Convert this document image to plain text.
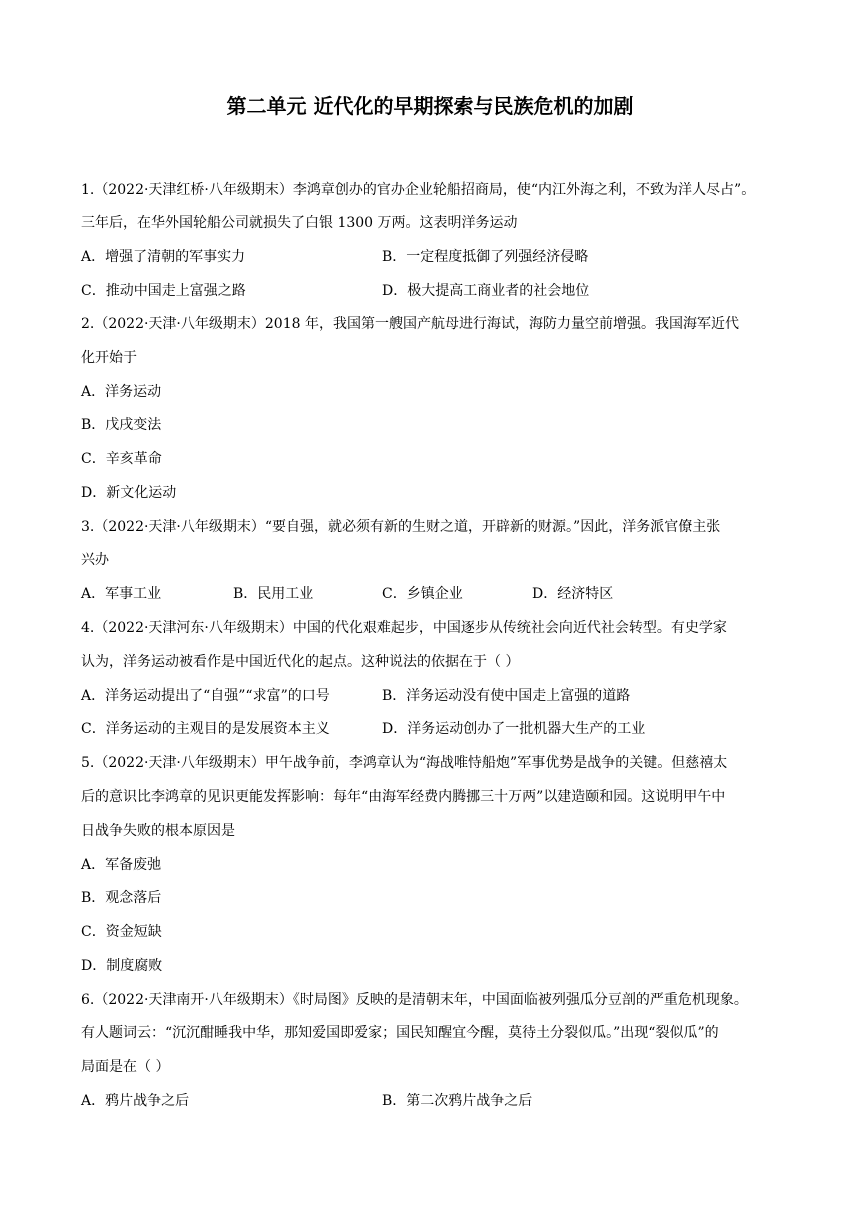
第二单元 近代化的早期探索与民族危机的加剧
1.（2022·天津红桥·八年级期末）李鸿章创办的官办企业轮船招商局，使“内江外海之利，不致为洋人尽占”。
三年后，在华外国轮船公司就损失了白银 1300 万两。这表明洋务运动
A．增强了清朝的军事实力	B．一定程度抵御了列强经济侵略
C．推动中国走上富强之路	D．极大提高工商业者的社会地位
2.（2022·天津·八年级期末）2018 年，我国第一艘国产航母进行海试，海防力量空前增强。我国海军近代
化开始于
A．洋务运动
B．戊戌变法
C．辛亥革命
D．新文化运动
3.（2022·天津·八年级期末）“要自强，就必须有新的生财之道，开辟新的财源。”因此，洋务派官僚主张
兴办
A．军事工业	B．民用工业	C．乡镇企业	D．经济特区
4.（2022·天津河东·八年级期末）中国的代化艰难起步，中国逐步从传统社会向近代社会转型。有史学家
认为，洋务运动被看作是中国近代化的起点。这种说法的依据在于（ ）
A．洋务运动提出了“自强”“求富”的口号	B．洋务运动没有使中国走上富强的道路
C．洋务运动的主观目的是发展资本主义	D．洋务运动创办了一批机器大生产的工业
5.（2022·天津·八年级期末）甲午战争前，李鸿章认为“海战唯恃船炮”军事优势是战争的关键。但慈禧太
后的意识比李鸿章的见识更能发挥影响：每年“由海军经费内腾挪三十万两”以建造颐和园。这说明甲午中
日战争失败的根本原因是
A．军备废弛
B．观念落后
C．资金短缺
D．制度腐败
6.（2022·天津南开·八年级期末）《时局图》反映的是清朝末年，中国面临被列强瓜分豆剖的严重危机现象。
有人题词云：“沉沉酣睡我中华，那知爱国即爱家；国民知醒宜今醒，莫待土分裂似瓜。”出现“裂似瓜”的
局面是在（ ）
A．鸦片战争之后	B．第二次鸦片战争之后
